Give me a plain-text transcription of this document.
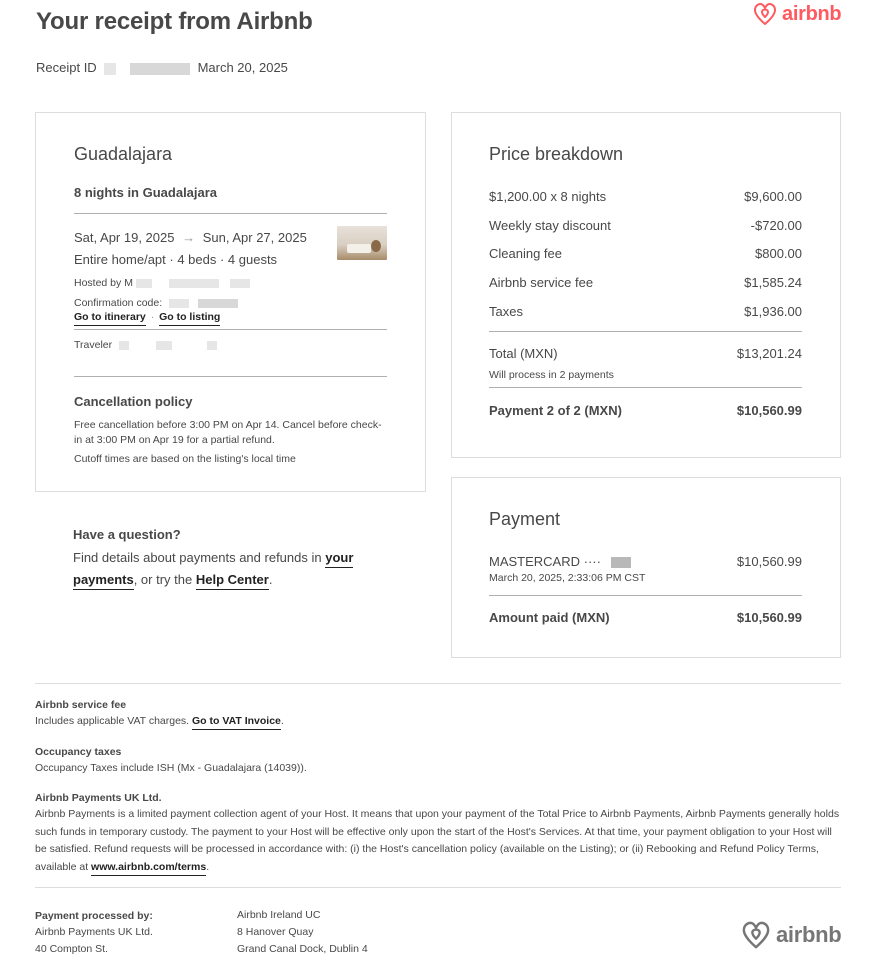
Your receipt from Airbnb	airbnb
Receipt ID	March 20, 2025
Guadalajara
8 nights in Guadalajara
Sat, Apr 19, 2025 → Sun, Apr 27, 2025
Entire home/apt · 4 beds · 4 guests
Hosted by M
Confirmation code:
Go to itinerary · Go to listing
Traveler
Cancellation policy
Free cancellation before 3:00 PM on Apr 14. Cancel before check-in at 3:00 PM on Apr 19 for a partial refund.
Cutoff times are based on the listing's local time
Have a question?
Find details about payments and refunds in your payments, or try the Help Center.
Price breakdown
$1,200.00 x 8 nights	$9,600.00
Weekly stay discount	-$720.00
Cleaning fee	$800.00
Airbnb service fee	$1,585.24
Taxes	$1,936.00
Total (MXN)	$13,201.24
Will process in 2 payments
Payment 2 of 2 (MXN)	$10,560.99
Payment
MASTERCARD ····	$10,560.99
March 20, 2025, 2:33:06 PM CST
Amount paid (MXN)	$10,560.99
Airbnb service fee
Includes applicable VAT charges. Go to VAT Invoice.
Occupancy taxes
Occupancy Taxes include ISH (Mx - Guadalajara (14039)).
Airbnb Payments UK Ltd.
Airbnb Payments is a limited payment collection agent of your Host. It means that upon your payment of the Total Price to Airbnb Payments, Airbnb Payments generally holds such funds in temporary custody. The payment to your Host will be effective only upon the start of the Host's Services. At that time, your payment obligation to your Host will be satisfied. Refund requests will be processed in accordance with: (i) the Host's cancellation policy (available on the Listing); or (ii) Rebooking and Refund Policy Terms, available at www.airbnb.com/terms.
Payment processed by:
Airbnb Payments UK Ltd.
40 Compton St.
Airbnb Ireland UC
8 Hanover Quay
Grand Canal Dock, Dublin 4
airbnb
